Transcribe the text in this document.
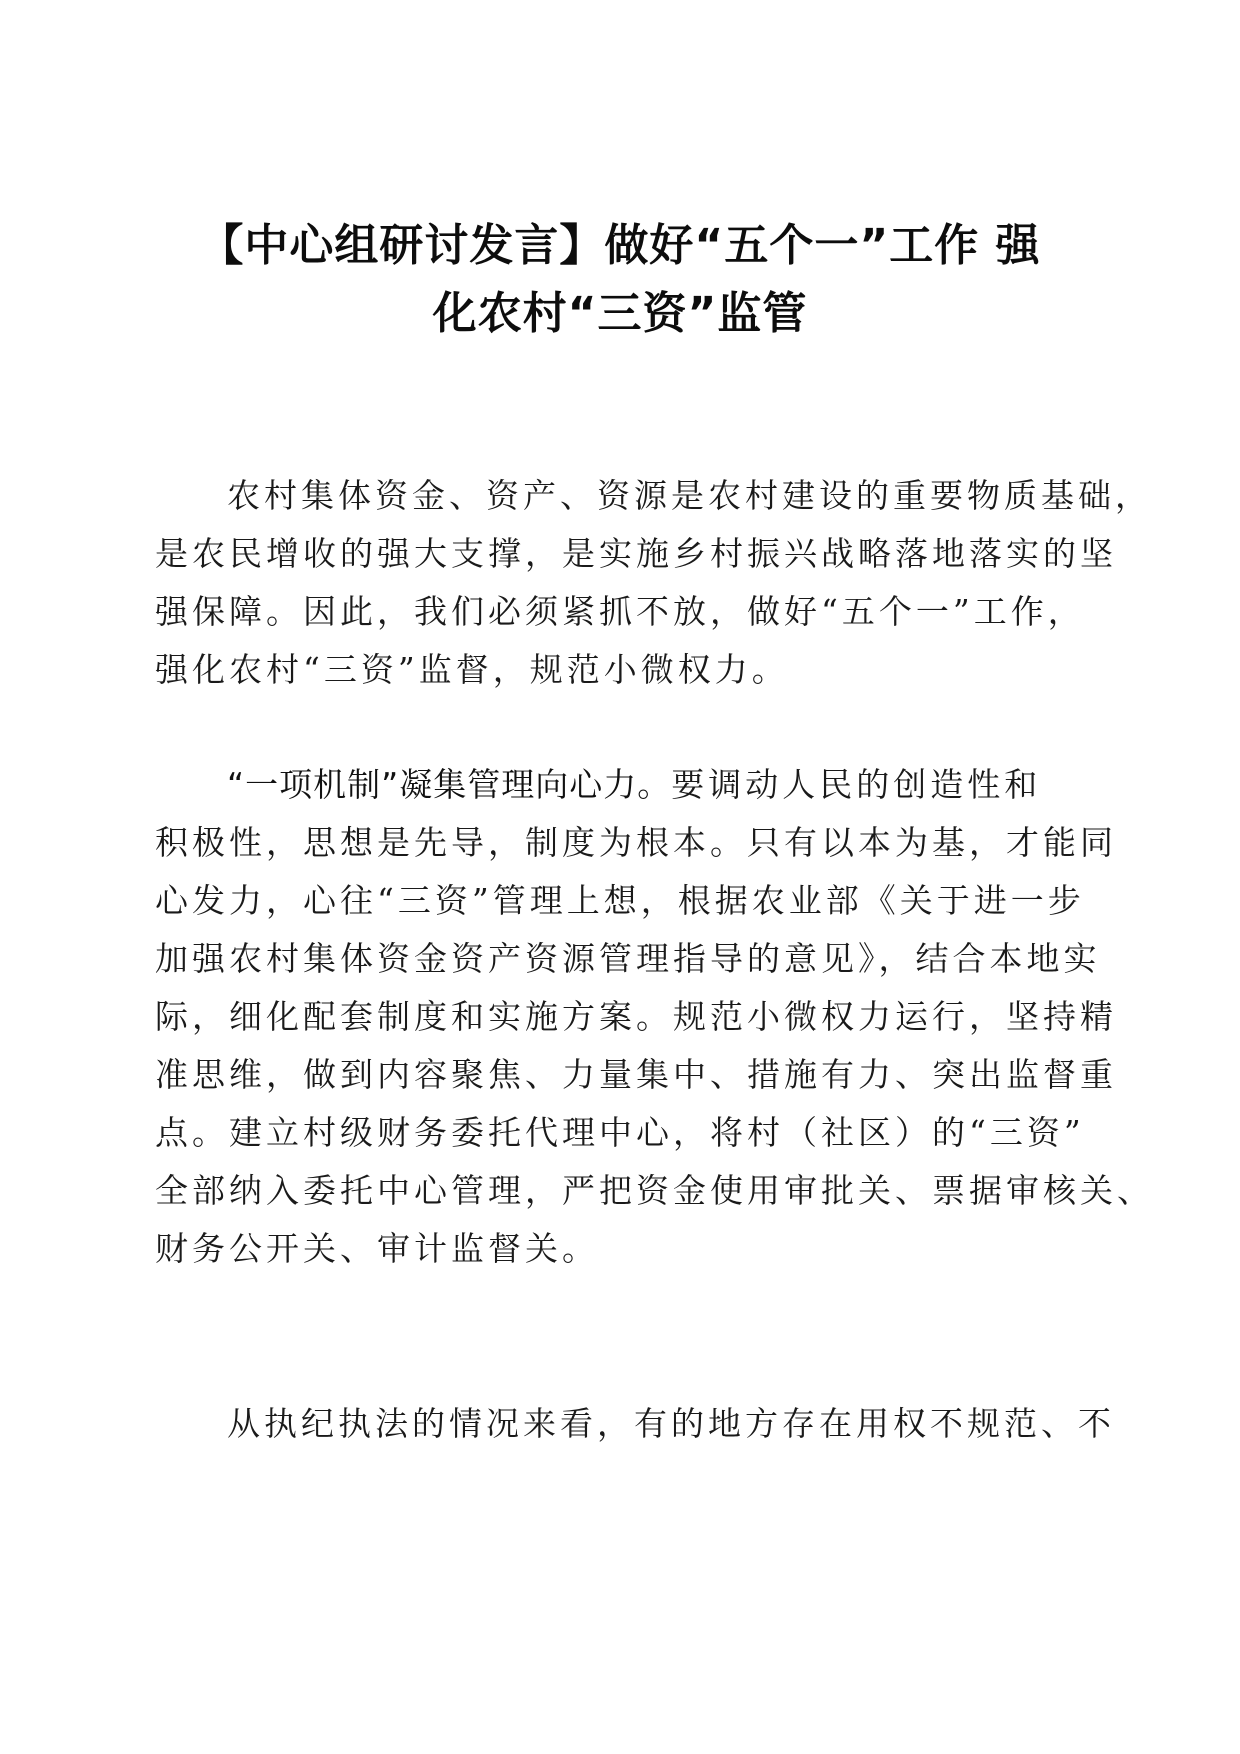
【中心组研讨发言】做好“五个一”工作 强
化农村“三资”监管
农村集体资金、资产、资源是农村建设的重要物质基础，
是农民增收的强大支撑，是实施乡村振兴战略落地落实的坚
强保障。因此，我们必须紧抓不放，做好“五个一”工作，
强化农村“三资”监督，规范小微权力。
“一项机制”凝集管理向心力。要调动人民的创造性和
积极性，思想是先导，制度为根本。只有以本为基，才能同
心发力，心往“三资”管理上想，根据农业部《关于进一步
加强农村集体资金资产资源管理指导的意见》，结合本地实
际，细化配套制度和实施方案。规范小微权力运行，坚持精
准思维，做到内容聚焦、力量集中、措施有力、突出监督重
点。建立村级财务委托代理中心，将村（社区）的“三资”
全部纳入委托中心管理，严把资金使用审批关、票据审核关、
财务公开关、审计监督关。
从执纪执法的情况来看，有的地方存在用权不规范、不
